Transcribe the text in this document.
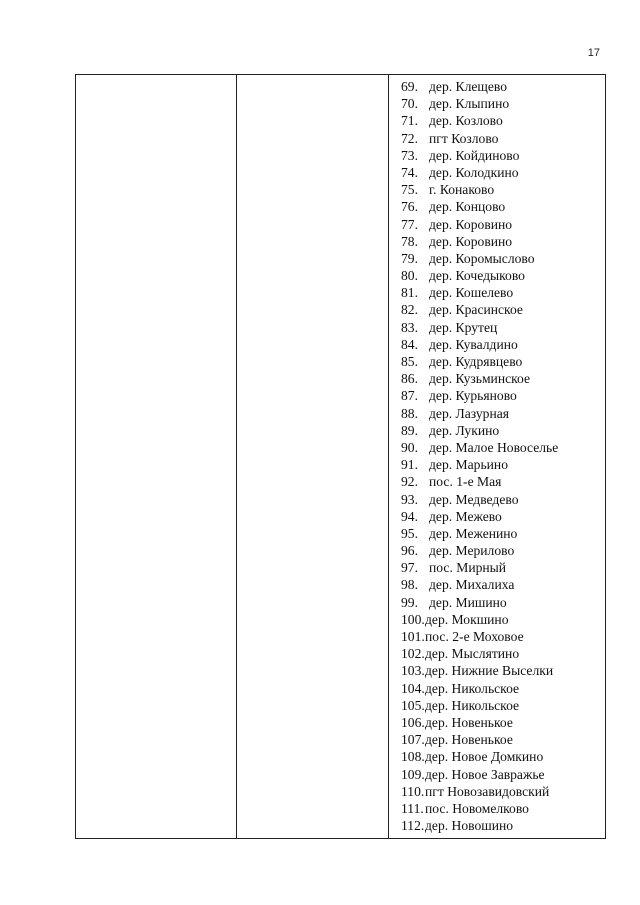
17
69. дер. Клещево
70. дер. Клыпино
71. дер. Козлово
72. пгт Козлово
73. дер. Койдиново
74. дер. Колодкино
75. г. Конаково
76. дер. Концово
77. дер. Коровино
78. дер. Коровино
79. дер. Коромыслово
80. дер. Кочедыково
81. дер. Кошелево
82. дер. Красинское
83. дер. Крутец
84. дер. Кувалдино
85. дер. Кудрявцево
86. дер. Кузьминское
87. дер. Курьяново
88. дер. Лазурная
89. дер. Лукино
90. дер. Малое Новоселье
91. дер. Марьино
92. пос. 1-е Мая
93. дер. Медведево
94. дер. Межево
95. дер. Меженино
96. дер. Мерилово
97. пос. Мирный
98. дер. Михалиха
99. дер. Мишино
100. дер. Мокшино
101. пос. 2-е Моховое
102. дер. Мыслятино
103. дер. Нижние Выселки
104. дер. Никольское
105. дер. Никольское
106. дер. Новенькое
107. дер. Новенькое
108. дер. Новое Домкино
109. дер. Новое Завражье
110. пгт Новозавидовский
111. пос. Новомелково
112. дер. Новошино
